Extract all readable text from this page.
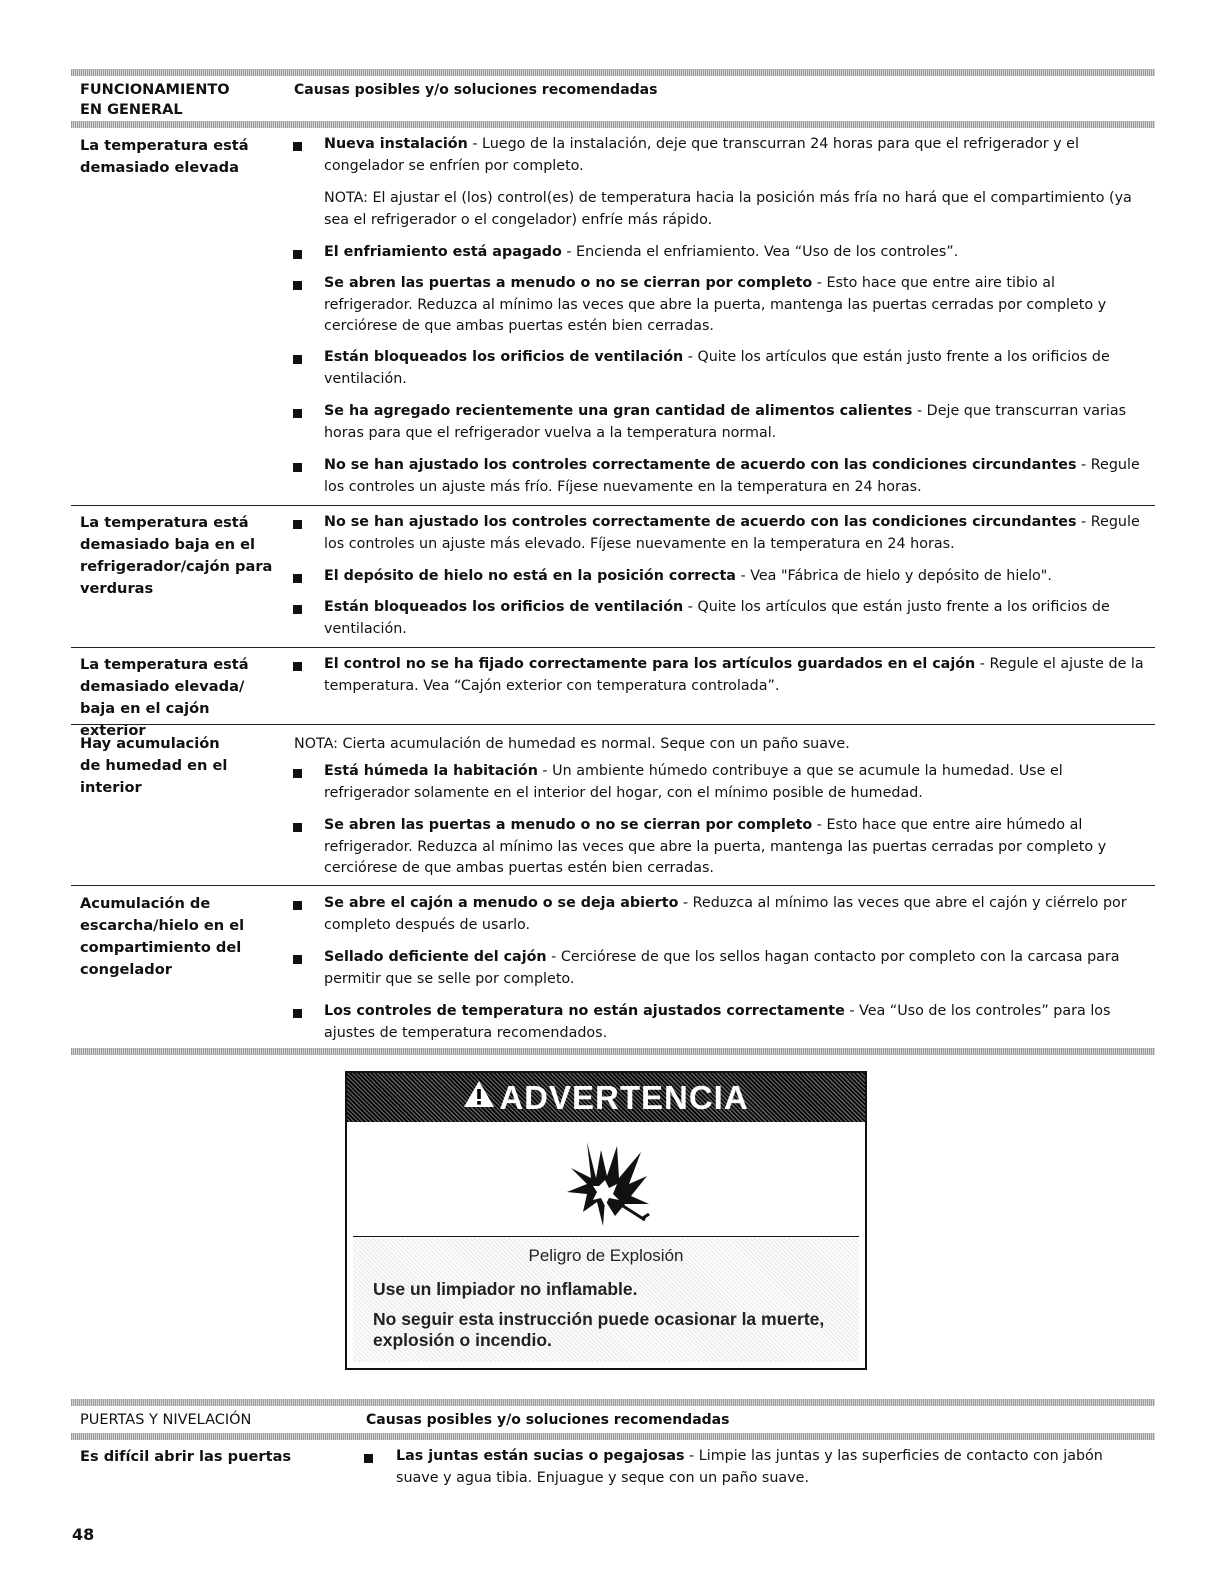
FUNCIONAMIENTO
EN GENERAL
Causas posibles y/o soluciones recomendadas
La temperatura está demasiado elevada
Nueva instalación - Luego de la instalación, deje que transcurran 24 horas para que el refrigerador y el congelador se enfríen por completo.
NOTA: El ajustar el (los) control(es) de temperatura hacia la posición más fría no hará que el compartimiento (ya sea el refrigerador o el congelador) enfríe más rápido.
El enfriamiento está apagado - Encienda el enfriamiento. Vea “Uso de los controles”.
Se abren las puertas a menudo o no se cierran por completo - Esto hace que entre aire tibio al refrigerador. Reduzca al mínimo las veces que abre la puerta, mantenga las puertas cerradas por completo y cerciórese de que ambas puertas estén bien cerradas.
Están bloqueados los orificios de ventilación - Quite los artículos que están justo frente a los orificios de ventilación.
Se ha agregado recientemente una gran cantidad de alimentos calientes - Deje que transcurran varias horas para que el refrigerador vuelva a la temperatura normal.
No se han ajustado los controles correctamente de acuerdo con las condiciones circundantes - Regule los controles un ajuste más frío. Fíjese nuevamente en la temperatura en 24 horas.
La temperatura está demasiado baja en el refrigerador/cajón para verduras
No se han ajustado los controles correctamente de acuerdo con las condiciones circundantes - Regule los controles un ajuste más elevado. Fíjese nuevamente en la temperatura en 24 horas.
El depósito de hielo no está en la posición correcta - Vea "Fábrica de hielo y depósito de hielo".
Están bloqueados los orificios de ventilación - Quite los artículos que están justo frente a los orificios de ventilación.
La temperatura está demasiado elevada/ baja en el cajón exterior
El control no se ha fijado correctamente para los artículos guardados en el cajón - Regule el ajuste de la temperatura. Vea “Cajón exterior con temperatura controlada”.
Hay acumulación de humedad en el interior
NOTA: Cierta acumulación de humedad es normal. Seque con un paño suave.
Está húmeda la habitación - Un ambiente húmedo contribuye a que se acumule la humedad. Use el refrigerador solamente en el interior del hogar, con el mínimo posible de humedad.
Se abren las puertas a menudo o no se cierran por completo - Esto hace que entre aire húmedo al refrigerador. Reduzca al mínimo las veces que abre la puerta, mantenga las puertas cerradas por completo y cerciórese de que ambas puertas estén bien cerradas.
Acumulación de escarcha/hielo en el compartimiento del congelador
Se abre el cajón a menudo o se deja abierto - Reduzca al mínimo las veces que abre el cajón y ciérrelo por completo después de usarlo.
Sellado deficiente del cajón - Cerciórese de que los sellos hagan contacto por completo con la carcasa para permitir que se selle por completo.
Los controles de temperatura no están ajustados correctamente - Vea “Uso de los controles” para los ajustes de temperatura recomendados.
ADVERTENCIA
Peligro de Explosión
Use un limpiador no inflamable.
No seguir esta instrucción puede ocasionar la muerte, explosión o incendio.
PUERTAS Y NIVELACIÓN	Causas posibles y/o soluciones recomendadas
Es difícil abrir las puertas	Las juntas están sucias o pegajosas - Limpie las juntas y las superficies de contacto con jabón suave y agua tibia. Enjuague y seque con un paño suave.
48
